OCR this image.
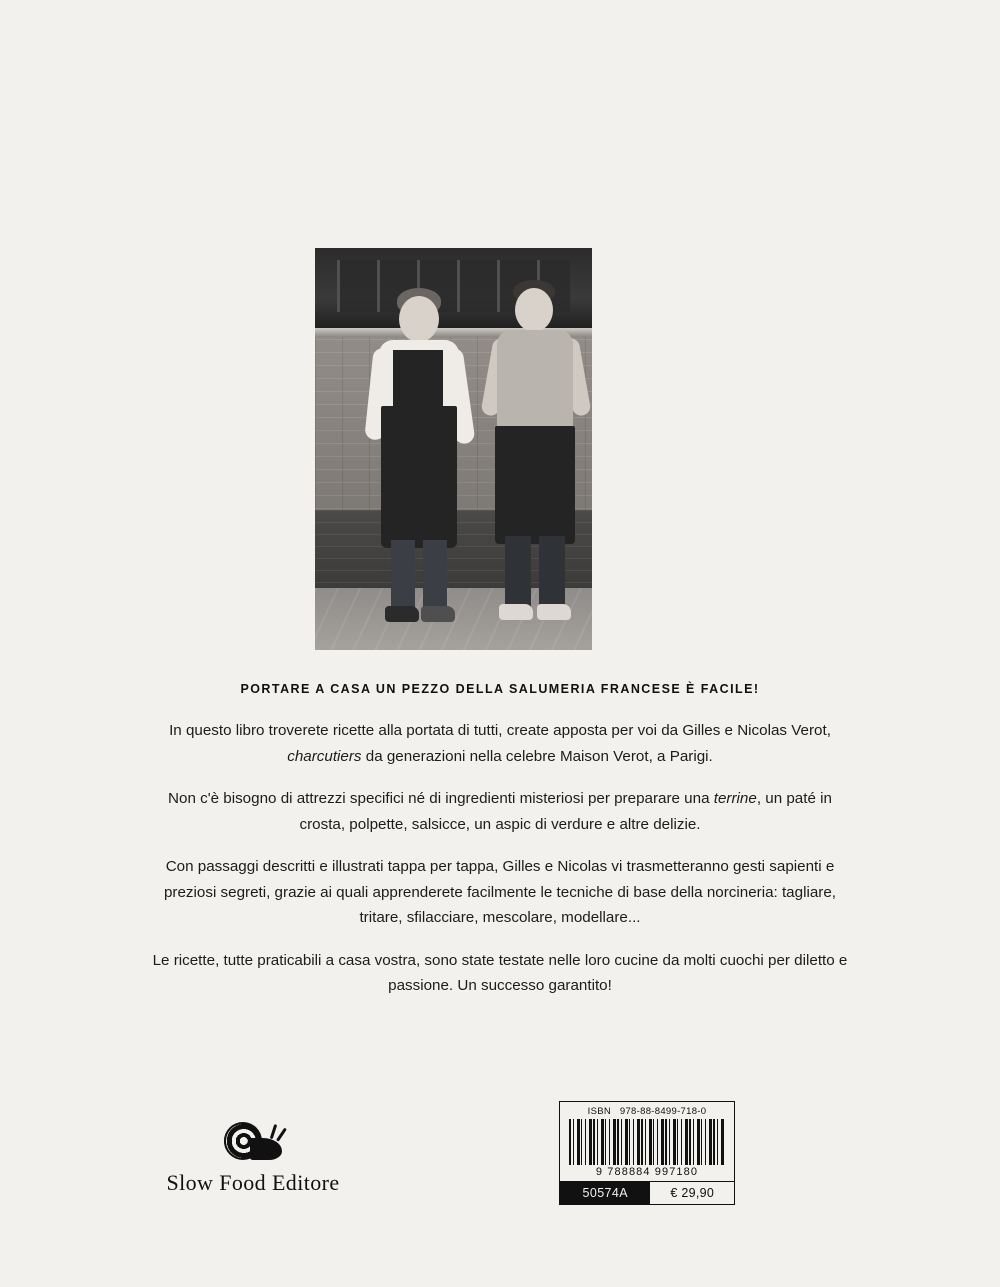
PORTARE A CASA UN PEZZO DELLA SALUMERIA FRANCESE È FACILE!

In questo libro troverete ricette alla portata di tutti, create apposta per voi da Gilles e Nicolas Verot, charcutiers da generazioni nella celebre Maison Verot, a Parigi.

Non c'è bisogno di attrezzi specifici né di ingredienti misteriosi per preparare una terrine, un paté in crosta, polpette, salsicce, un aspic di verdure e altre delizie.

Con passaggi descritti e illustrati tappa per tappa, Gilles e Nicolas vi trasmetteranno gesti sapienti e preziosi segreti, grazie ai quali apprenderete facilmente le tecniche di base della norcineria: tagliare, tritare, sfilacciare, mescolare, modellare...

Le ricette, tutte praticabili a casa vostra, sono state testate nelle loro cucine da molti cuochi per diletto e passione. Un successo garantito!

Slow Food Editore
ISBN 978-88-8499-718-0
9 788884 997180
50574A	€ 29,90
